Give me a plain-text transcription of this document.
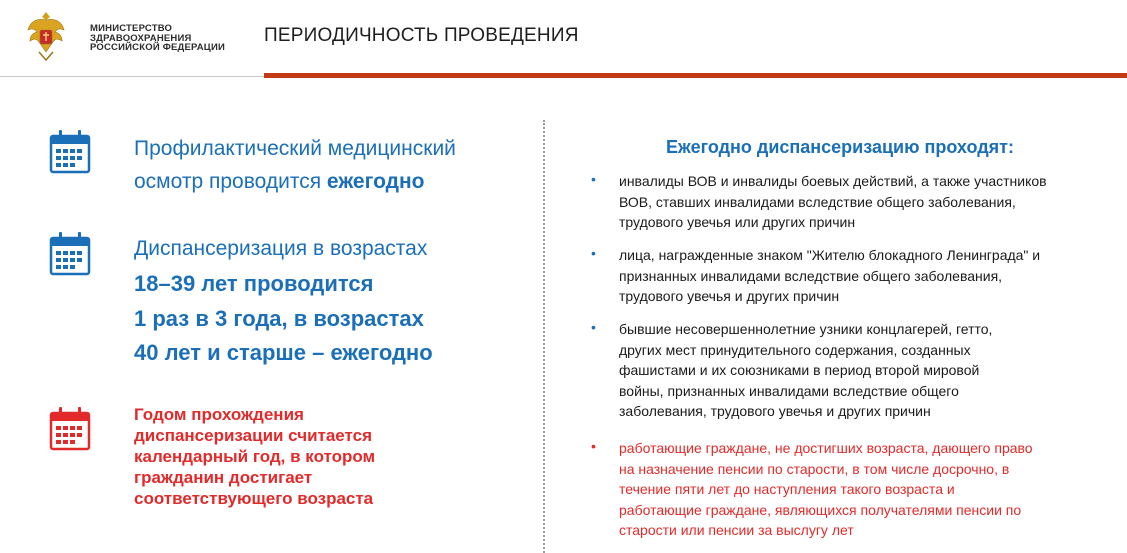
МИНИСТЕРСТВО
ЗДРАВООХРАНЕНИЯ
РОССИЙСКОЙ ФЕДЕРАЦИИ
ПЕРИОДИЧНОСТЬ ПРОВЕДЕНИЯ
Профилактический медицинский
осмотр проводится ежегодно
Диспансеризация в возрастах
18–39 лет проводится
1 раз в 3 года, в возрастах
40 лет и старше – ежегодно
Годом прохождения
диспансеризации считается
календарный год, в котором
гражданин достигает
соответствующего возраста
Ежегодно диспансеризацию проходят:
• инвалиды ВОВ и инвалиды боевых действий, а также участников
ВОВ, ставших инвалидами вследствие общего заболевания,
трудового увечья или других причин
• лица, награжденные знаком "Жителю блокадного Ленинграда" и
признанных инвалидами вследствие общего заболевания,
трудового увечья и других причин
• бывшие несовершеннолетние узники концлагерей, гетто,
других мест принудительного содержания, созданных
фашистами и их союзниками в период второй мировой
войны, признанных инвалидами вследствие общего
заболевания, трудового увечья и других причин
• работающие граждане, не достигших возраста, дающего право
на назначение пенсии по старости, в том числе досрочно, в
течение пяти лет до наступления такого возраста и
работающие граждане, являющихся получателями пенсии по
старости или пенсии за выслугу лет
